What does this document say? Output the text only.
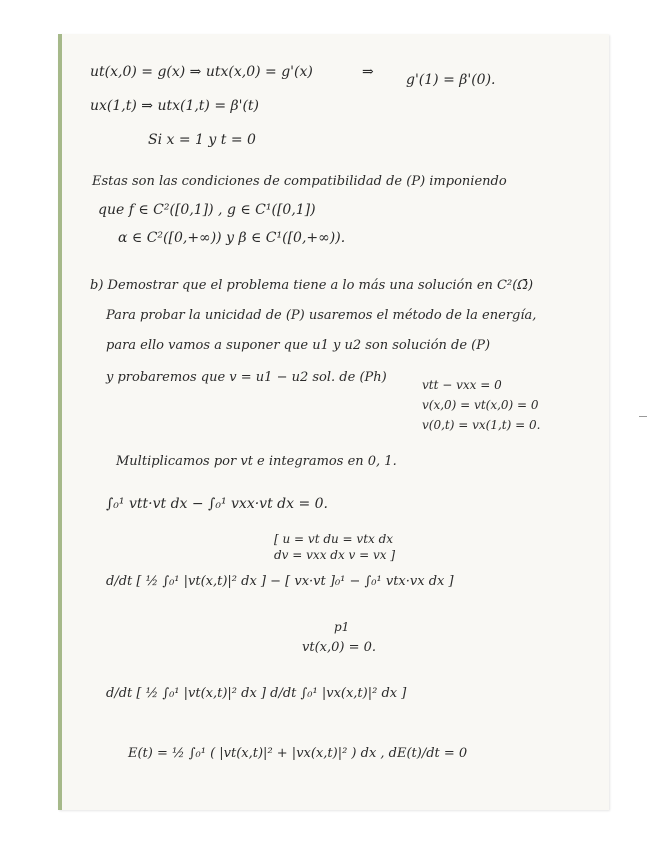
ut(x,0) = g(x) ⇒ utx(x,0) = g'(x)	⇒ g'(1) = β'(0).
ux(1,t) ⇒ utx(1,t) = β'(t)
Si x = 1 y t = 0
Estas son las condiciones de compatibilidad de (P) imponiendo
que f ∈ C²([0,1]) , g ∈ C¹([0,1])
α ∈ C²([0,+∞)) y β ∈ C¹([0,+∞)).
b) Demostrar que el problema tiene a lo más una solución en C²(Ω̄)
Para probar la unicidad de (P) usaremos el método de la energía,
para ello vamos a suponer que u1 y u2 son solución de (P)
y probaremos que v = u1 − u2 sol. de (Ph)	vtt − vxx = 0
v(x,0) = vt(x,0) = 0
v(0,t) = vx(1,t) = 0.
Multiplicamos por vt e integramos en 0, 1.
∫₀¹ vtt·vt dx − ∫₀¹ vxx·vt dx = 0.
[ u = vt du = vtx dx
dv = vxx dx v = vx ]
d/dt [ ½ ∫₀¹ |vt(x,t)|² dx ] − [ vx·vt ]₀¹ − ∫₀¹ vtx·vx dx ]
p1
vt(x,0) = 0.
d/dt [ ½ ∫₀¹ |vt(x,t)|² dx ] d/dt ∫₀¹ |vx(x,t)|² dx ]
E(t) = ½ ∫₀¹ ( |vt(x,t)|² + |vx(x,t)|² ) dx , dE(t)/dt = 0
